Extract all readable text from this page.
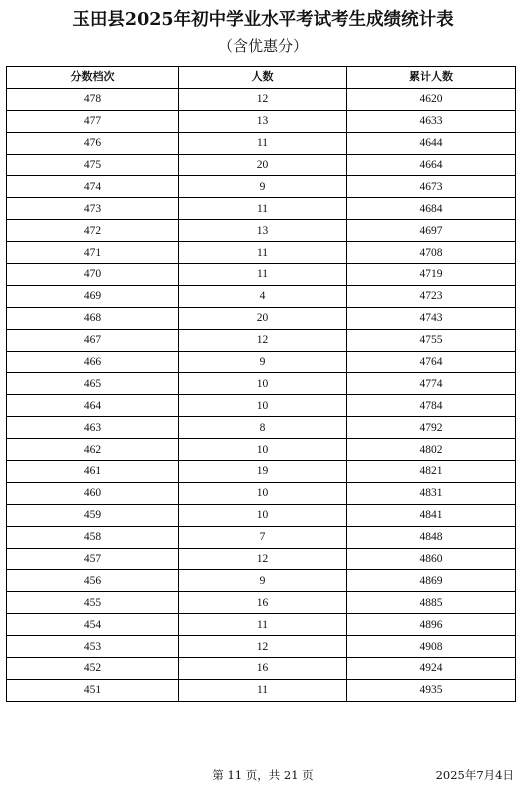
玉田县2025年初中学业水平考试考生成绩统计表
（含优惠分）
分数档次	人数	累计人数
478	12	4620
477	13	4633
476	11	4644
475	20	4664
474	9	4673
473	11	4684
472	13	4697
471	11	4708
470	11	4719
469	4	4723
468	20	4743
467	12	4755
466	9	4764
465	10	4774
464	10	4784
463	8	4792
462	10	4802
461	19	4821
460	10	4831
459	10	4841
458	7	4848
457	12	4860
456	9	4869
455	16	4885
454	11	4896
453	12	4908
452	16	4924
451	11	4935
第 11 页，共 21 页	2025年7月4日
